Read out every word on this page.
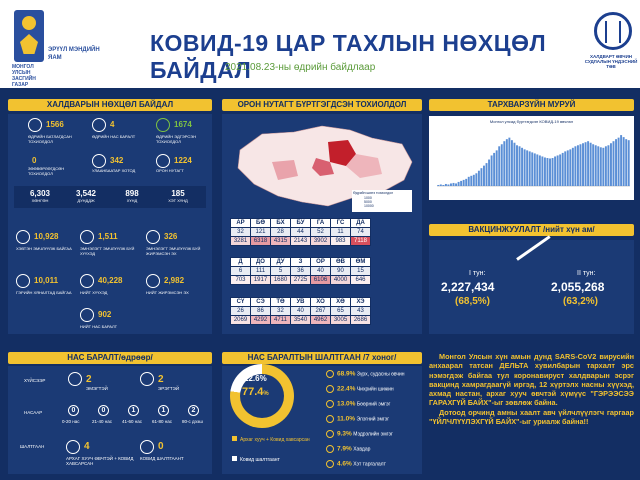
МОНГОЛ УЛСЫН ЗАСГИЙН ГАЗАР
ЭРҮҮЛ МЭНДИЙН ЯАМ
КОВИД-19 ЦАР ТАХЛЫН НӨХЦӨЛ БАЙДАЛ
2021.08.23-ны өдрийн байдлаар
ХАЛДВАРТ ӨВЧИН СУДЛАЛЫН ҮНДЭСНИЙ ТӨВ
ХАЛДВАРЫН НӨХЦӨЛ БАЙДАЛ	ОРОН НУТАГТ БҮРТГЭГДСЭН ТОХИОЛДОЛ	ТАРХВАРЗҮЙН МУРУЙ
1566
ӨДРИЙН БАТЛАГДСАН ТОХИОЛДОЛ
4
ӨДРИЙН НАС БАРАЛТ
1674
ӨДРИЙН ЭДГЭРСЭН ТОХИОЛДОЛ
0
ЗӨӨВӨРЛӨГДСӨН ТОХИОЛДОЛ
342
УЛААНБААТАР ХОТОД
1224
ОРОН НУТАГТ
6,303
ХӨНГӨН
3,542
ДУНДДЖ
898
ХҮНД
185
ХЭТ ХҮНД
10,928
ХЭВТЭН ЭМЧЛҮҮЛЖ БАЙГАА
1,511
ЭМНЭЛЭГТ ЭМЧЛҮҮЛЖ БУЙ ХҮҮХЭД
326
ЭМНЭЛЭГТ ЭМЧЛҮҮЛЖ БУЙ ЖИРЭМСЭН ЭХ
10,011
ГЭРИЙН ХЯНАЛТАД БАЙГАА
40,228
НИЙТ ХҮҮХЭД
2,982
НИЙТ ЖИРЭМСЭН ЭХ
902
НИЙТ НАС БАРАЛТ
Өдрийн шинэ тохиолдол
1000
5000
10000
АР	БӨ	БХ	БУ	ГА	ГС	ДА
32	121	28	44	52	11	74
3281	6318	4315	2143	3902	983	7118
Д	ДО	ДУ	З	ОР	ӨВ	ӨМ
6	111	5	36	40	90	15
703	1917	1680	2725	6106	4000	646
СҮ	СЭ	ТӨ	УВ	ХО	ХӨ	ХЭ
26	86	32	40	267	65	43
2069	4292	4711	3540	4962	3005	2686
Монгол улсад бүртгэгдсэн КОВИД-19 өвчлөл
ВАКЦИНЖУУЛАЛТ /нийт хүн ам/
I тун:
2,227,434
(68,5%)
II тун:
2,055,268
(63,2%)
НАС БАРАЛТ/өдрөөр/
ХҮЙСЭЭР	2
ЭМЭГТЭЙ
2
ЭРЭГТЭЙ
НАСААР	0
0-20 нас
0
21-40 нас
1
41-60 нас
1
61-80 нас
2
80-с дээш
ШАЛТГААН	4
АРХАГ ХУУЧ ӨВЧТЭЙ + КОВИД ХАВСАРСАН
0
КОВИД ШАЛТГААНТ
НАС БАРАЛТЫН ШАЛТГААН /7 хоног/
22.6%
77.4%
Архаг хууч + Ковид хавсарсан
Ковид шалтгаант
68.9% Зүрх, судасны өвчин
22.4% Чихрийн шижин
13.0% Бөөрний эмгэг
11.0% Элэгний эмгэг
9.3% Мэдрэлийн эмгэг
7.9% Хавдар
4.6% Хэт таргалалт
Монгол Улсын хүн амын дунд SARS-CoV2 вирусийн анхаарал татсан ДЕЛЬТА хувилбарын тархалт эрс нэмэгдэж байгаа тул коронавируст халдварын эсрэг вакцинд хамрагдаагүй иргэд, 12 хүртэлх насны хүүхэд, ахмад настан, архаг хууч өвчтэй хүмүүс "ГЭРЭЭСЭЭ ГАРАХГҮЙ БАЙХ"-ыг зөвлөж байна.
Дотоод орчинд амны хаалт авч үйлчлүүлэгч гаргаар "ҮЙЛЧЛҮҮЛЭХГҮЙ БАЙХ"-ыг уриалж байна!!
